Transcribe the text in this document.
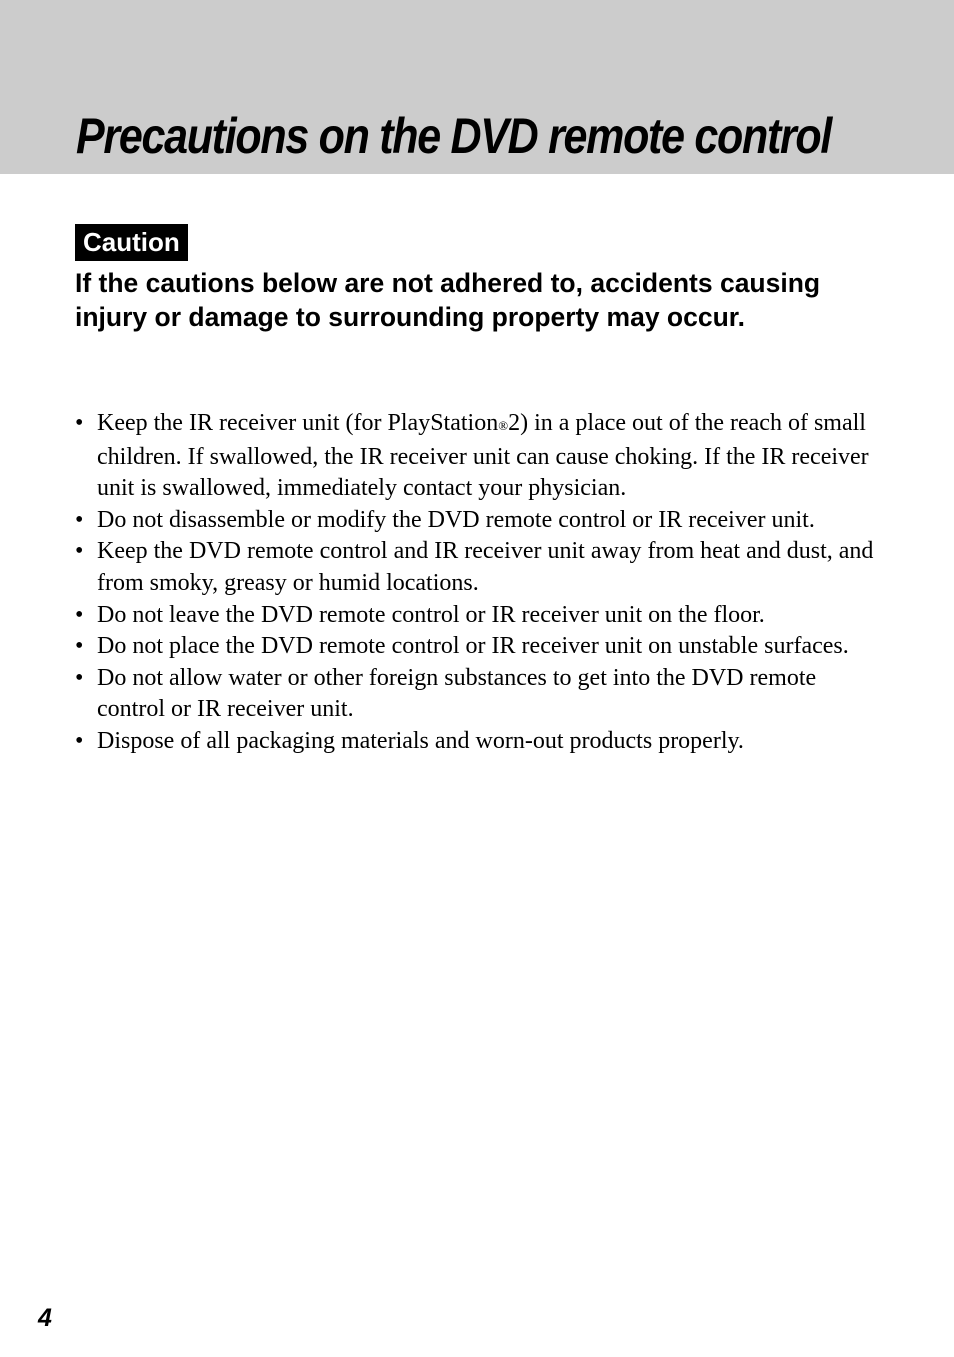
Precautions on the DVD remote control
Caution

If the cautions below are not adhered to, accidents causing injury or damage to surrounding property may occur.

• Keep the IR receiver unit (for PlayStation®2) in a place out of the reach of small children. If swallowed, the IR receiver unit can cause choking. If the IR receiver unit is swallowed, immediately contact your physician.
• Do not disassemble or modify the DVD remote control or IR receiver unit.
• Keep the DVD remote control and IR receiver unit away from heat and dust, and from smoky, greasy or humid locations.
• Do not leave the DVD remote control or IR receiver unit on the floor.
• Do not place the DVD remote control or IR receiver unit on unstable surfaces.
• Do not allow water or other foreign substances to get into the DVD remote control or IR receiver unit.
• Dispose of all packaging materials and worn-out products properly.
4
